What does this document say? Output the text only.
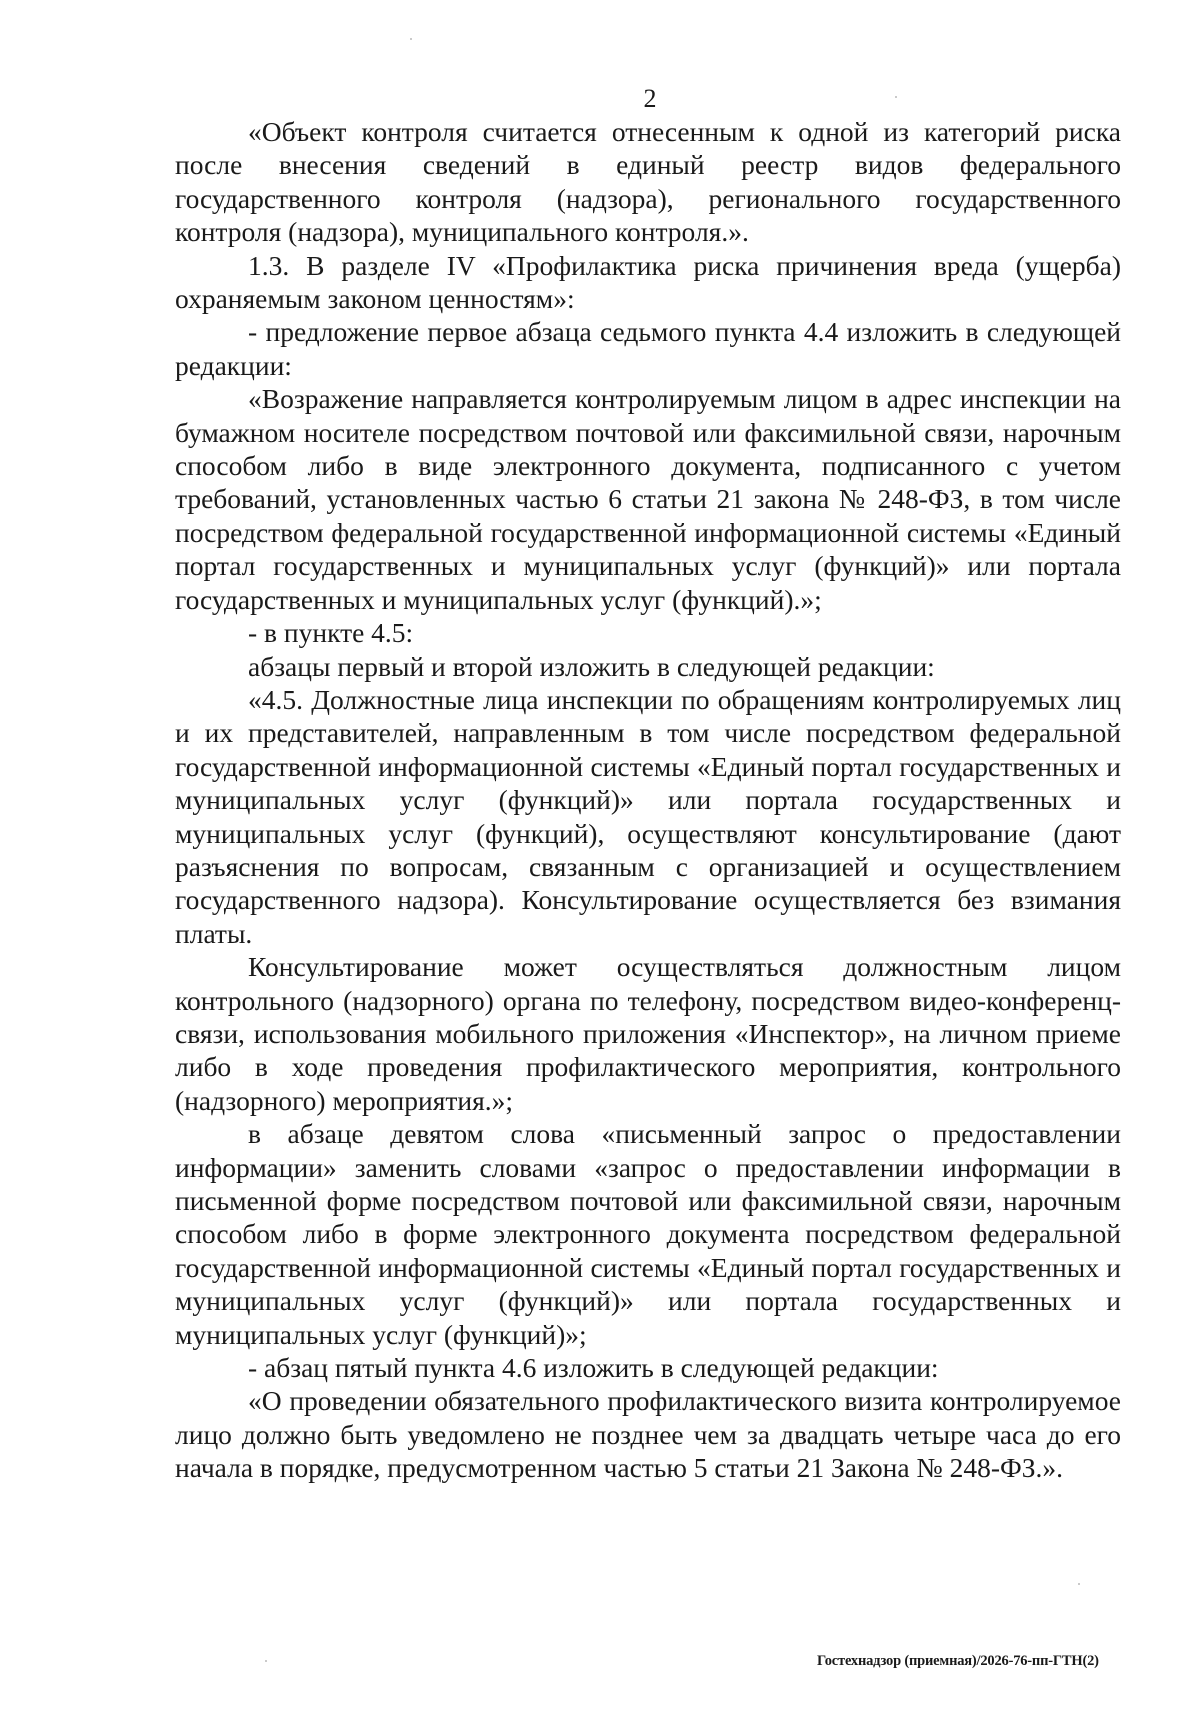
2

«Объект контроля считается отнесенным к одной из категорий риска после внесения сведений в единый реестр видов федерального государственного контроля (надзора), регионального государственного контроля (надзора), муниципального контроля.».

1.3. В разделе IV «Профилактика риска причинения вреда (ущерба) охраняемым законом ценностям»:

- предложение первое абзаца седьмого пункта 4.4 изложить в следующей редакции:

«Возражение направляется контролируемым лицом в адрес инспекции на бумажном носителе посредством почтовой или факсимильной связи, нарочным способом либо в виде электронного документа, подписанного с учетом требований, установленных частью 6 статьи 21 закона № 248-ФЗ, в том числе посредством федеральной государственной информационной системы «Единый портал государственных и муниципальных услуг (функций)» или портала государственных и муниципальных услуг (функций).»;

- в пункте 4.5:

абзацы первый и второй изложить в следующей редакции:

«4.5. Должностные лица инспекции по обращениям контролируемых лиц и их представителей, направленным в том числе посредством федеральной государственной информационной системы «Единый портал государственных и муниципальных услуг (функций)» или портала государственных и муниципальных услуг (функций), осуществляют консультирование (дают разъяснения по вопросам, связанным с организацией и осуществлением государственного надзора). Консультирование осуществляется без взимания платы.

Консультирование может осуществляться должностным лицом контрольного (надзорного) органа по телефону, посредством видео-конференц-связи, использования мобильного приложения «Инспектор», на личном приеме либо в ходе проведения профилактического мероприятия, контрольного (надзорного) мероприятия.»;

в абзаце девятом слова «письменный запрос о предоставлении информации» заменить словами «запрос о предоставлении информации в письменной форме посредством почтовой или факсимильной связи, нарочным способом либо в форме электронного документа посредством федеральной государственной информационной системы «Единый портал государственных и муниципальных услуг (функций)» или портала государственных и муниципальных услуг (функций)»;

- абзац пятый пункта 4.6 изложить в следующей редакции:

«О проведении обязательного профилактического визита контролируемое лицо должно быть уведомлено не позднее чем за двадцать четыре часа до его начала в порядке, предусмотренном частью 5 статьи 21 Закона № 248-ФЗ.».

Гостехнадзор (приемная)/2026-76-пп-ГТН(2)
